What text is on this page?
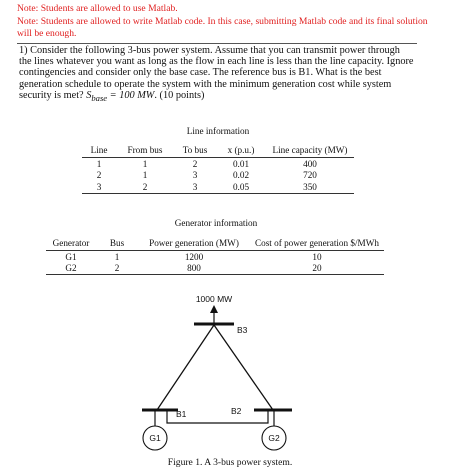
Note: Students are allowed to use Matlab.
Note: Students are allowed to write Matlab code. In this case, submitting Matlab code and its final solution will be enough.
1) Consider the following 3-bus power system. Assume that you can transmit power through the lines whatever you want as long as the flow in each line is less than the line capacity. Ignore contingencies and consider only the base case. The reference bus is B1. What is the best generation schedule to operate the system with the minimum generation cost while system security is met? $S_{base} = 100$ MW. (10 points)
Line information
Line	From bus	To bus	x (p.u.)	Line capacity (MW)
1	1	2	0.01	400
2	1	3	0.02	720
3	2	3	0.05	350
Generator information
Generator	Bus	Power generation (MW)	Cost of power generation $/MWh
G1	1	1200	10
G2	2	800	20
1000 MW
B3
B1	B2
G1	G2
Figure 1. A 3-bus power system.
